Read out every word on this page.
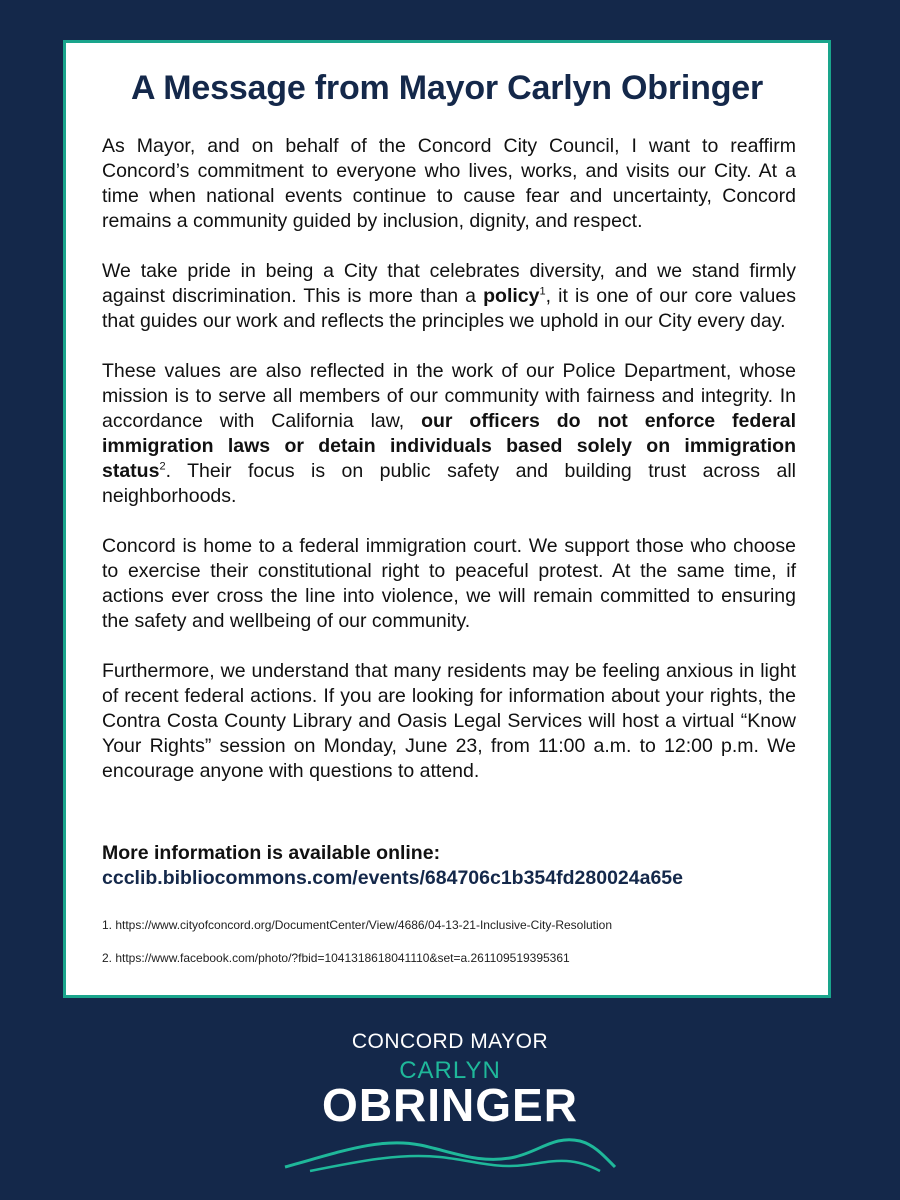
A Message from Mayor Carlyn Obringer

As Mayor, and on behalf of the Concord City Council, I want to reaffirm Concord’s commitment to everyone who lives, works, and visits our City. At a time when national events continue to cause fear and uncertainty, Concord remains a community guided by inclusion, dignity, and respect.

We take pride in being a City that celebrates diversity, and we stand firmly against discrimination. This is more than a policy$^1$, it is one of our core values that guides our work and reflects the principles we uphold in our City every day.

These values are also reflected in the work of our Police Department, whose mission is to serve all members of our community with fairness and integrity. In accordance with California law, our officers do not enforce federal immigration laws or detain individuals based solely on immigration status$^2$. Their focus is on public safety and building trust across all neighborhoods.

Concord is home to a federal immigration court. We support those who choose to exercise their constitutional right to peaceful protest. At the same time, if actions ever cross the line into violence, we will remain committed to ensuring the safety and wellbeing of our community.

Furthermore, we understand that many residents may be feeling anxious in light of recent federal actions. If you are looking for information about your rights, the Contra Costa County Library and Oasis Legal Services will host a virtual “Know Your Rights” session on Monday, June 23, from 11:00 a.m. to 12:00 p.m. We encourage anyone with questions to attend.

More information is available online:
ccclib.bibliocommons.com/events/684706c1b354fd280024a65e
1. https://www.cityofconcord.org/DocumentCenter/View/4686/04-13-21-Inclusive-City-Resolution
2. https://www.facebook.com/photo/?fbid=1041318618041110&set=a.261109519395361
CONCORD MAYOR
CARLYN
OBRINGER
